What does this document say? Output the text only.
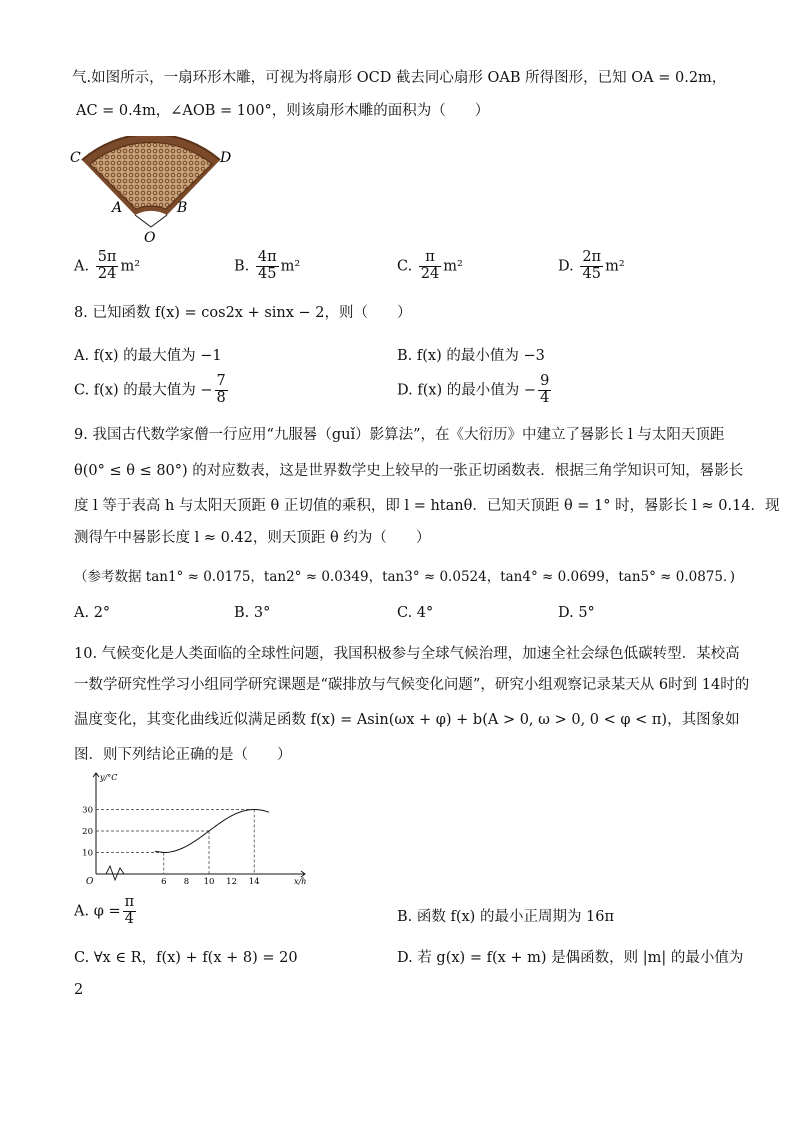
气.如图所示，一扇环形木雕，可视为将扇形 OCD 截去同心扇形 OAB 所得图形，已知 OA = 0.2m，
AC = 0.4m，∠AOB = 100°，则该扇形木雕的面积为（　　）
C	D
A	B
O
A. $\frac{5\pi}{24} m^2$	B. $\frac{4\pi}{45} m^2$	C. $\frac{\pi}{24} m^2$	D. $\frac{2\pi}{45} m^2$
8. 已知函数 f(x) = cos2x + sinx − 2，则（　　）
A. f(x) 的最大值为 −1	B. f(x) 的最小值为 −3
C. f(x) 的最大值为 − $\frac{7}{8}$	D. f(x) 的最小值为 − $\frac{9}{4}$
9. 我国古代数学家僧一行应用“九服晷（guǐ）影算法”，在《大衍历》中建立了晷影长 l 与太阳天顶距
θ(0° ≤ θ ≤ 80°) 的对应数表，这是世界数学史上较早的一张正切函数表．根据三角学知识可知，晷影长
度 l 等于表高 h 与太阳天顶距 θ 正切值的乘积，即 l = htanθ．已知天顶距 θ = 1° 时，晷影长 l ≈ 0.14．现
测得午中晷影长度 l ≈ 0.42，则天顶距 θ 约为（　　）
（参考数据 tan1° ≈ 0.0175，tan2° ≈ 0.0349，tan3° ≈ 0.0524，tan4° ≈ 0.0699，tan5° ≈ 0.0875．)
A. 2°	B. 3°	C. 4°	D. 5°
10. 气候变化是人类面临的全球性问题，我国积极参与全球气候治理，加速全社会绿色低碳转型．某校高
一数学研究性学习小组同学研究课题是“碳排放与气候变化问题”，研究小组观察记录某天从 6时到 14时的
温度变化，其变化曲线近似满足函数 f(x) = Asin(ωx + φ) + b(A > 0, ω > 0, 0 < φ < π)，其图象如
图．则下列结论正确的是（　　）
y/°C
x/h
O
10
20
30
6 8 10 12 14
A. $\varphi = \frac{\pi}{4}$	B. 函数 f(x) 的最小正周期为 16π
C. ∀x ∈ R，f(x) + f(x + 8) = 20	D. 若 g(x) = f(x + m) 是偶函数，则 |m| 的最小值为
2
